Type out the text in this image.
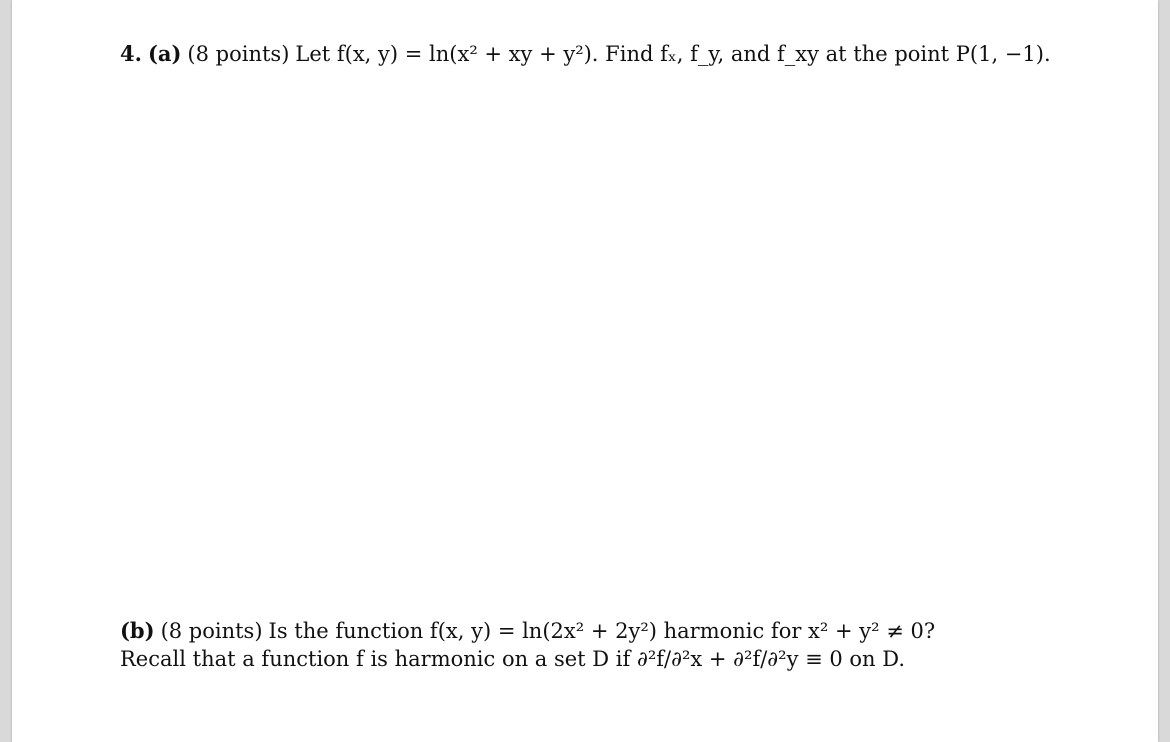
4. (a) (8 points) Let f(x, y) = ln(x² + xy + y²). Find fₓ, f_y, and f_xy at the point P(1, −1).
(b) (8 points) Is the function f(x, y) = ln(2x² + 2y²) harmonic for x² + y² ≠ 0?
Recall that a function f is harmonic on a set D if ∂²f/∂²x + ∂²f/∂²y ≡ 0 on D.
